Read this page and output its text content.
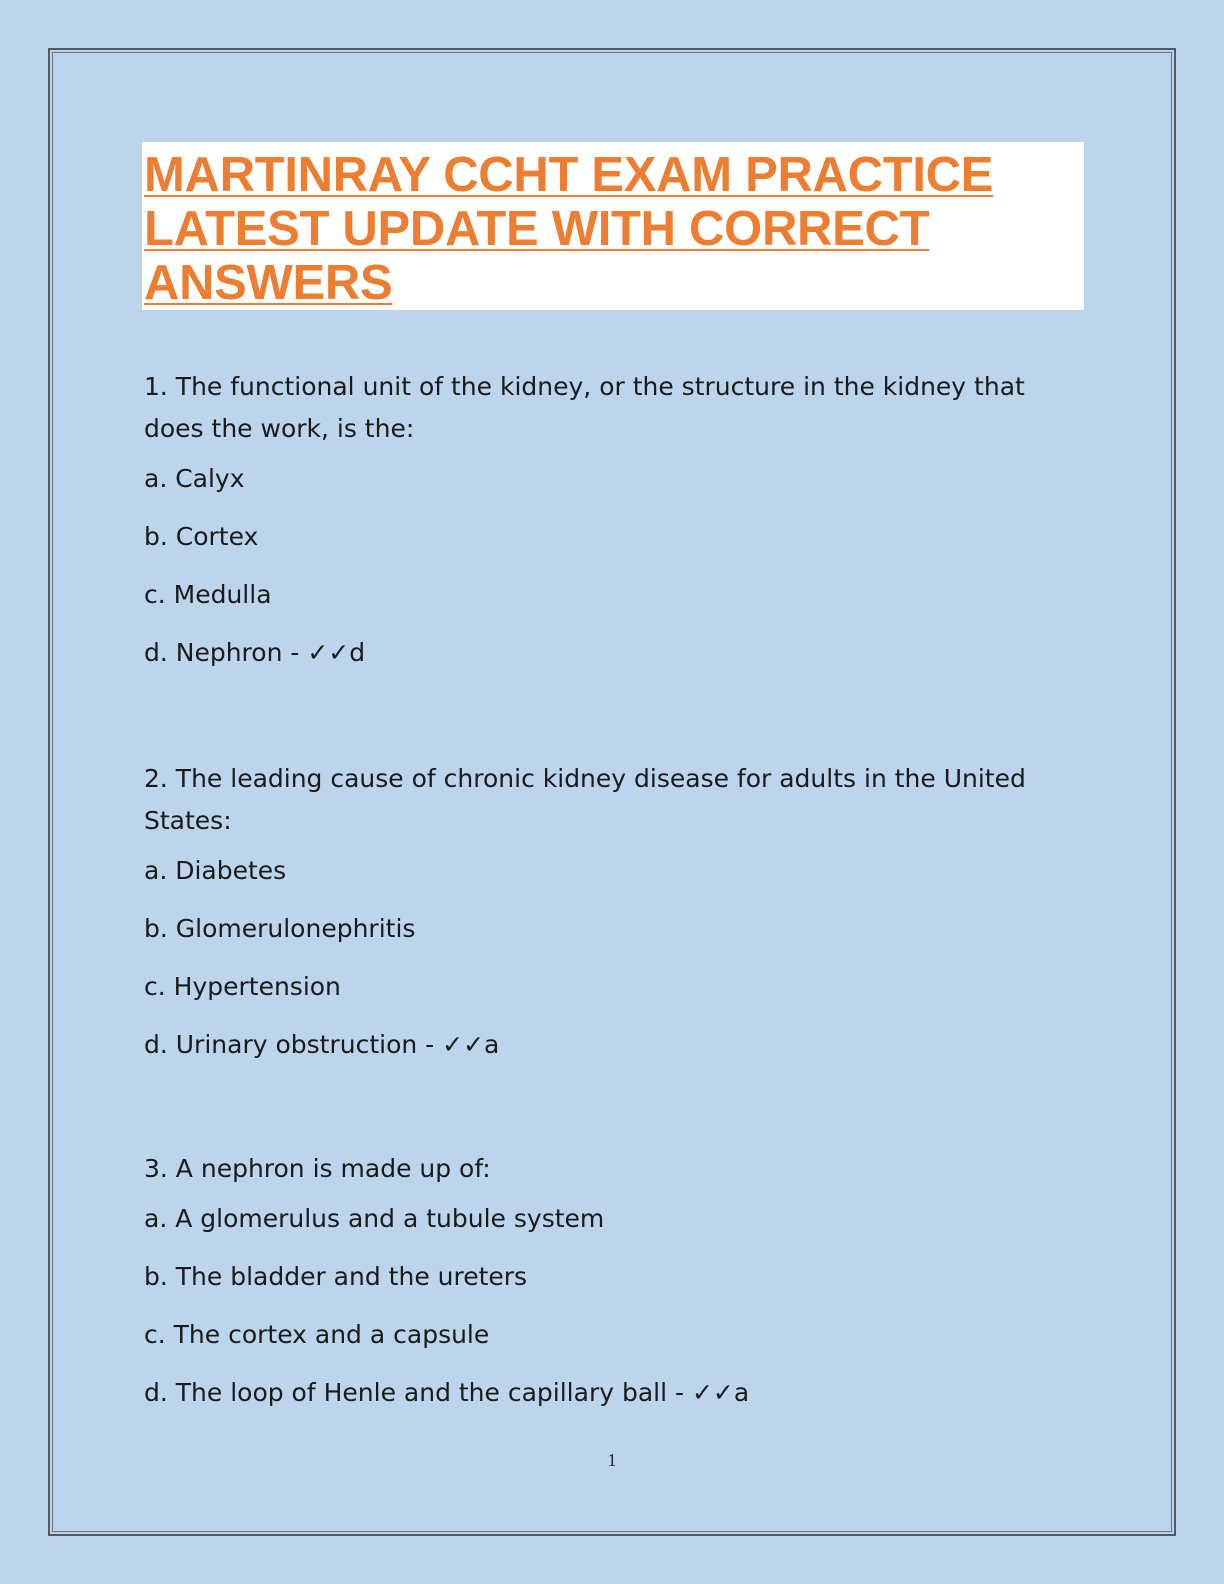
MARTINRAY CCHT EXAM PRACTICE
LATEST UPDATE WITH CORRECT
ANSWERS
1. The functional unit of the kidney, or the structure in the kidney that
does the work, is the:
a. Calyx
b. Cortex
c. Medulla
d. Nephron - ✓✓d
2. The leading cause of chronic kidney disease for adults in the United
States:
a. Diabetes
b. Glomerulonephritis
c. Hypertension
d. Urinary obstruction - ✓✓a
3. A nephron is made up of:
a. A glomerulus and a tubule system
b. The bladder and the ureters
c. The cortex and a capsule
d. The loop of Henle and the capillary ball - ✓✓a
1
